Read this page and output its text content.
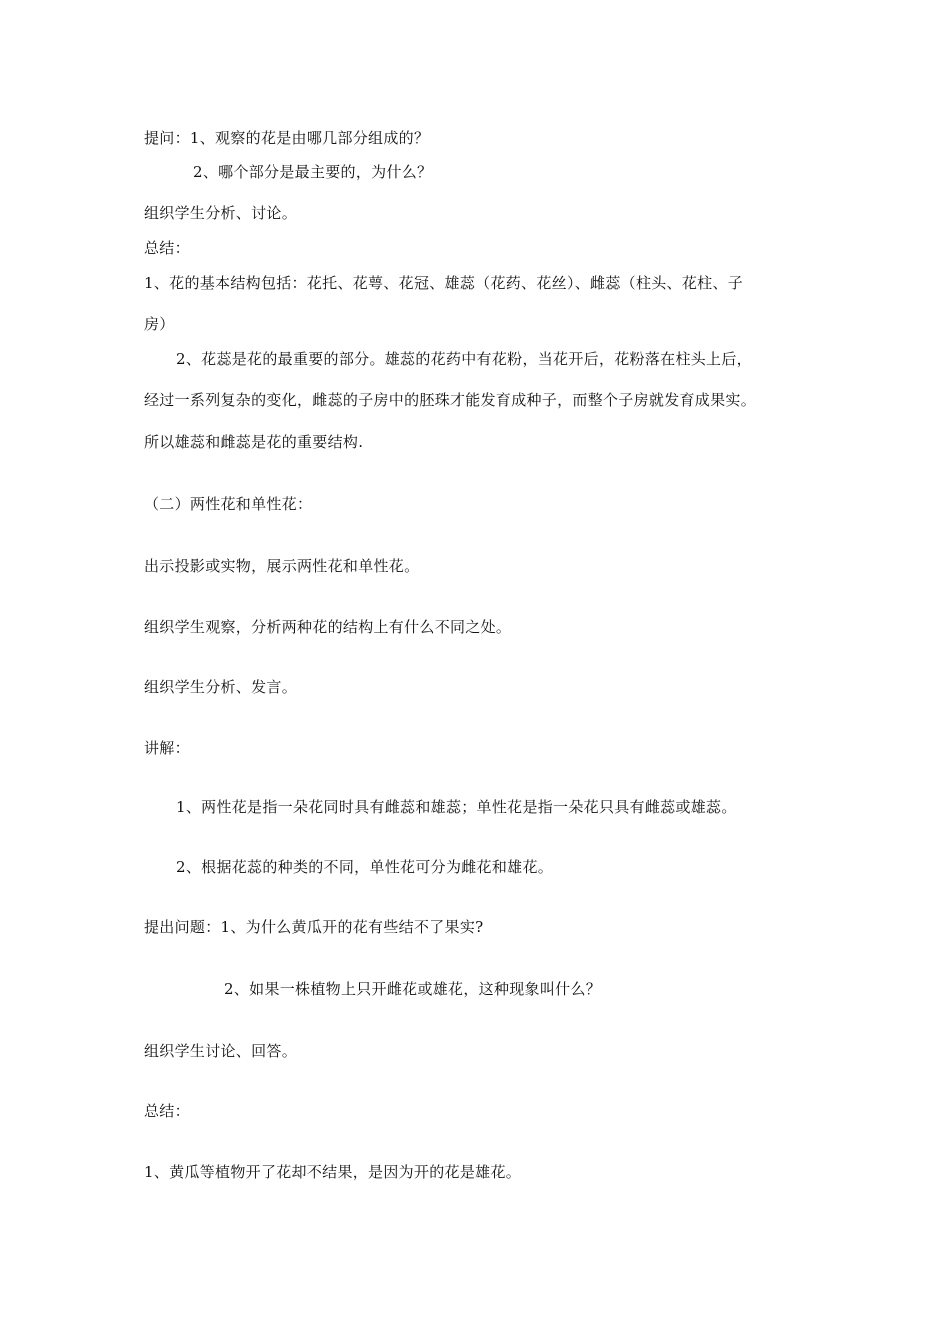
提问：1、观察的花是由哪几部分组成的？
2、哪个部分是最主要的，为什么？
组织学生分析、讨论。
总结：
1、花的基本结构包括：花托、花萼、花冠、雄蕊（花药、花丝）、雌蕊（柱头、花柱、子
房）
2、花蕊是花的最重要的部分。雄蕊的花药中有花粉，当花开后，花粉落在柱头上后，
经过一系列复杂的变化，雌蕊的子房中的胚珠才能发育成种子，而整个子房就发育成果实。
所以雄蕊和雌蕊是花的重要结构.
（二）两性花和单性花：
出示投影或实物，展示两性花和单性花。
组织学生观察，分析两种花的结构上有什么不同之处。
组织学生分析、发言。
讲解：
1、两性花是指一朵花同时具有雌蕊和雄蕊；单性花是指一朵花只具有雌蕊或雄蕊。
2、根据花蕊的种类的不同，单性花可分为雌花和雄花。
提出问题：1、为什么黄瓜开的花有些结不了果实?
2、如果一株植物上只开雌花或雄花，这种现象叫什么？
组织学生讨论、回答。
总结：
1、黄瓜等植物开了花却不结果，是因为开的花是雄花。
